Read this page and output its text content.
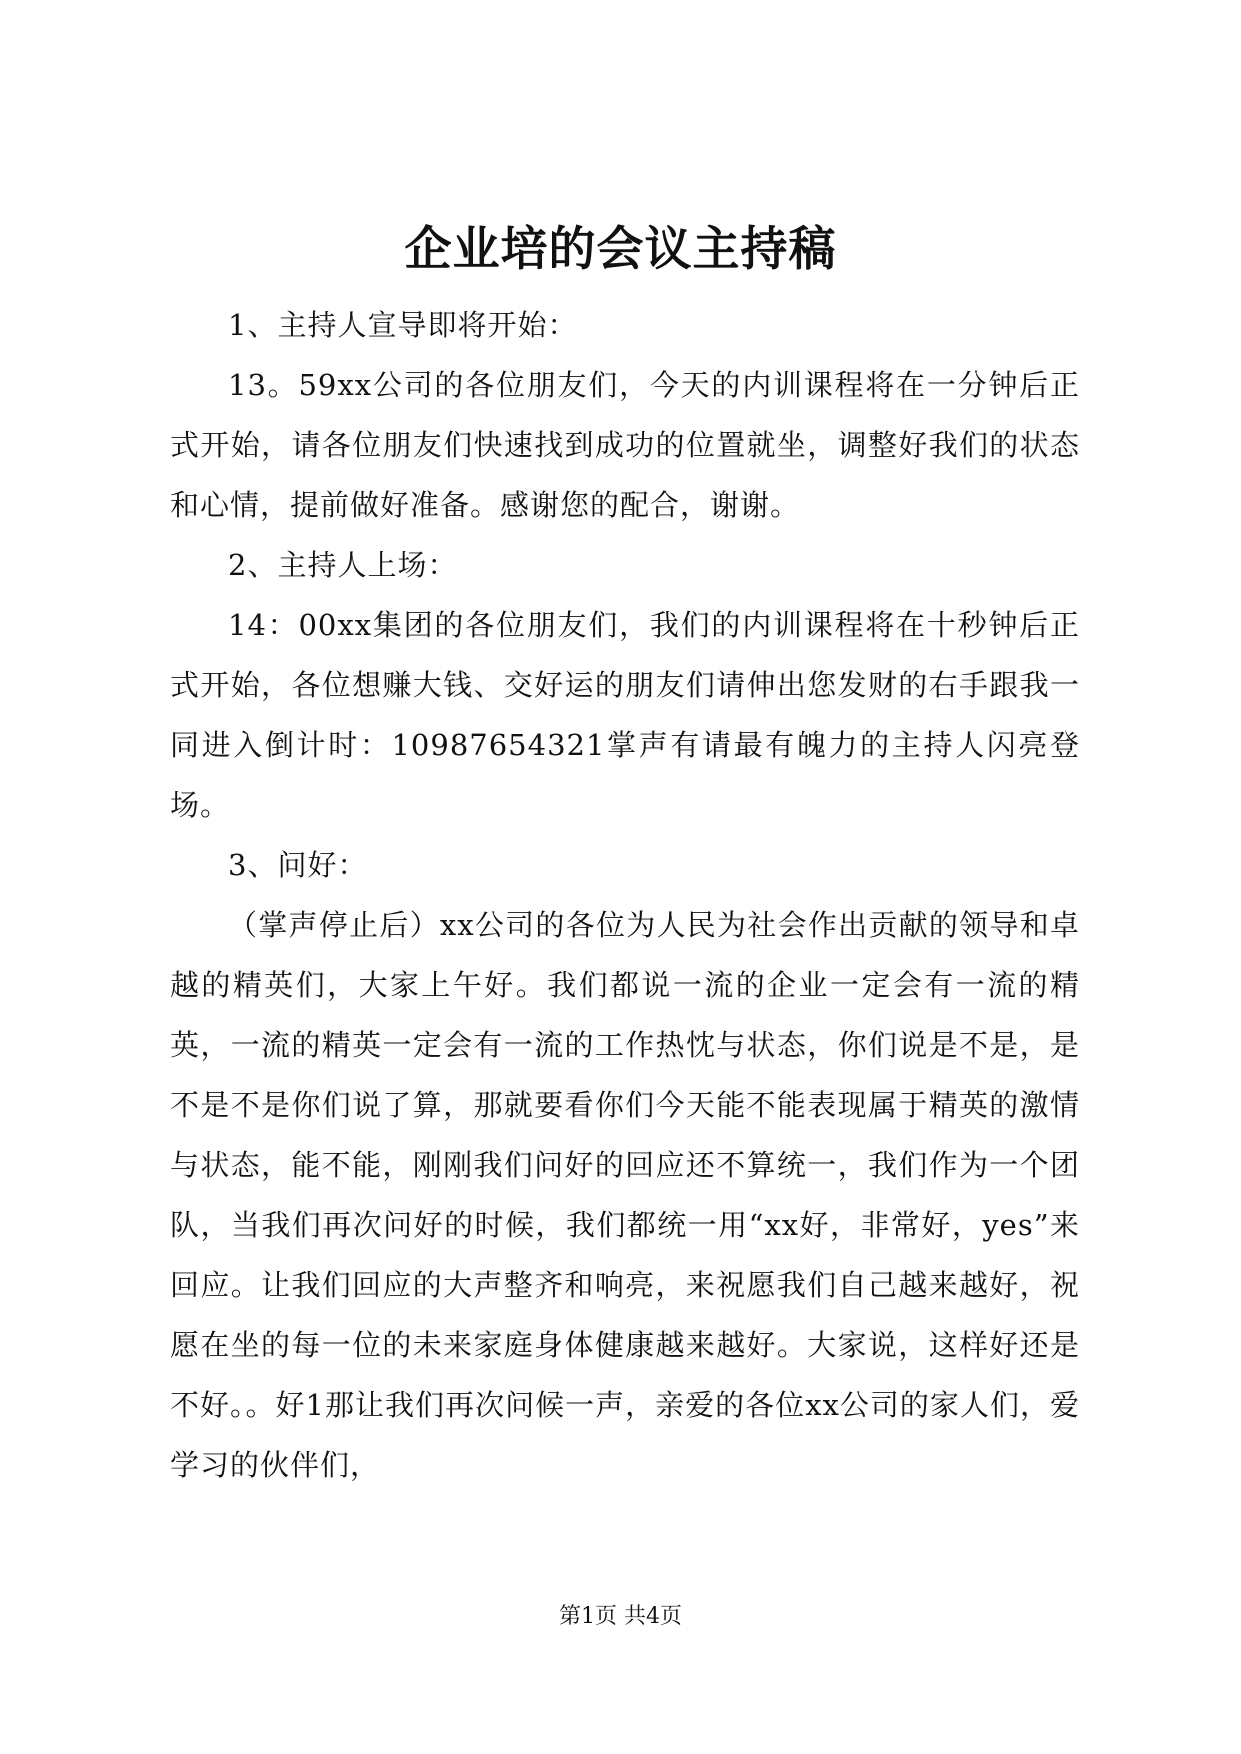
企业培的会议主持稿

1、主持人宣导即将开始：

13。59xx公司的各位朋友们，今天的内训课程将在一分钟后正式开始，请各位朋友们快速找到成功的位置就坐，调整好我们的状态和心情，提前做好准备。感谢您的配合，谢谢。

2、主持人上场：

14：00xx集团的各位朋友们，我们的内训课程将在十秒钟后正式开始，各位想赚大钱、交好运的朋友们请伸出您发财的右手跟我一同进入倒计时：10987654321掌声有请最有魄力的主持人闪亮登场。

3、问好：

（掌声停止后）xx公司的各位为人民为社会作出贡献的领导和卓越的精英们，大家上午好。我们都说一流的企业一定会有一流的精英，一流的精英一定会有一流的工作热忱与状态，你们说是不是，是不是不是你们说了算，那就要看你们今天能不能表现属于精英的激情与状态，能不能，刚刚我们问好的回应还不算统一，我们作为一个团队，当我们再次问好的时候，我们都统一用“xx好，非常好，yes”来回应。让我们回应的大声整齐和响亮，来祝愿我们自己越来越好，祝愿在坐的每一位的未来家庭身体健康越来越好。大家说，这样好还是不好。。好1那让我们再次问候一声，亲爱的各位xx公司的家人们，爱学习的伙伴们，

第1页 共4页
